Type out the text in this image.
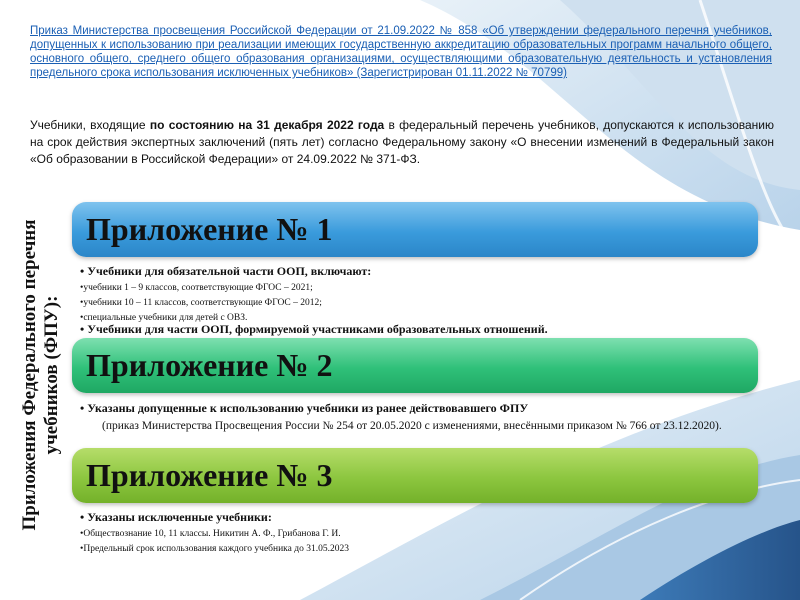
Приказ Министерства просвещения Российской Федерации от 21.09.2022 № 858 «Об утверждении федерального перечня учебников, допущенных к использованию при реализации имеющих государственную аккредитацию образовательных программ начального общего, основного общего, среднего общего образования организациями, осуществляющими образовательную деятельность и установления предельного срока использования исключенных учебников» (Зарегистрирован 01.11.2022 № 70799)
Учебники, входящие по состоянию на 31 декабря 2022 года в федеральный перечень учебников, допускаются к использованию на срок действия экспертных заключений (пять лет) согласно Федеральному закону «О внесении изменений в Федеральный закон «Об образовании в Российской Федерации» от 24.09.2022 № 371-ФЗ.
Приложения Федерального перечня учебников (ФПУ):
Приложение № 1

• Учебники для обязательной части ООП, включают:

• учебники 1 – 9 классов, соответствующие ФГОС – 2021;

• учебники 10 – 11 классов, соответствующие ФГОС – 2012;

• специальные учебники для детей с ОВЗ.

• Учебники для части ООП, формируемой участниками образовательных отношений.

Приложение № 2

• Указаны допущенные к использованию учебники из ранее действовавшего ФПУ

(приказ Министерства Просвещения России № 254 от 20.05.2020 с изменениями, внесёнными приказом № 766 от 23.12.2020).

Приложение № 3

• Указаны исключенные учебники:

• Обществознание 10, 11 классы. Никитин А. Ф., Грибанова Г. И.

• Предельный срок использования каждого учебника до 31.05.2023
